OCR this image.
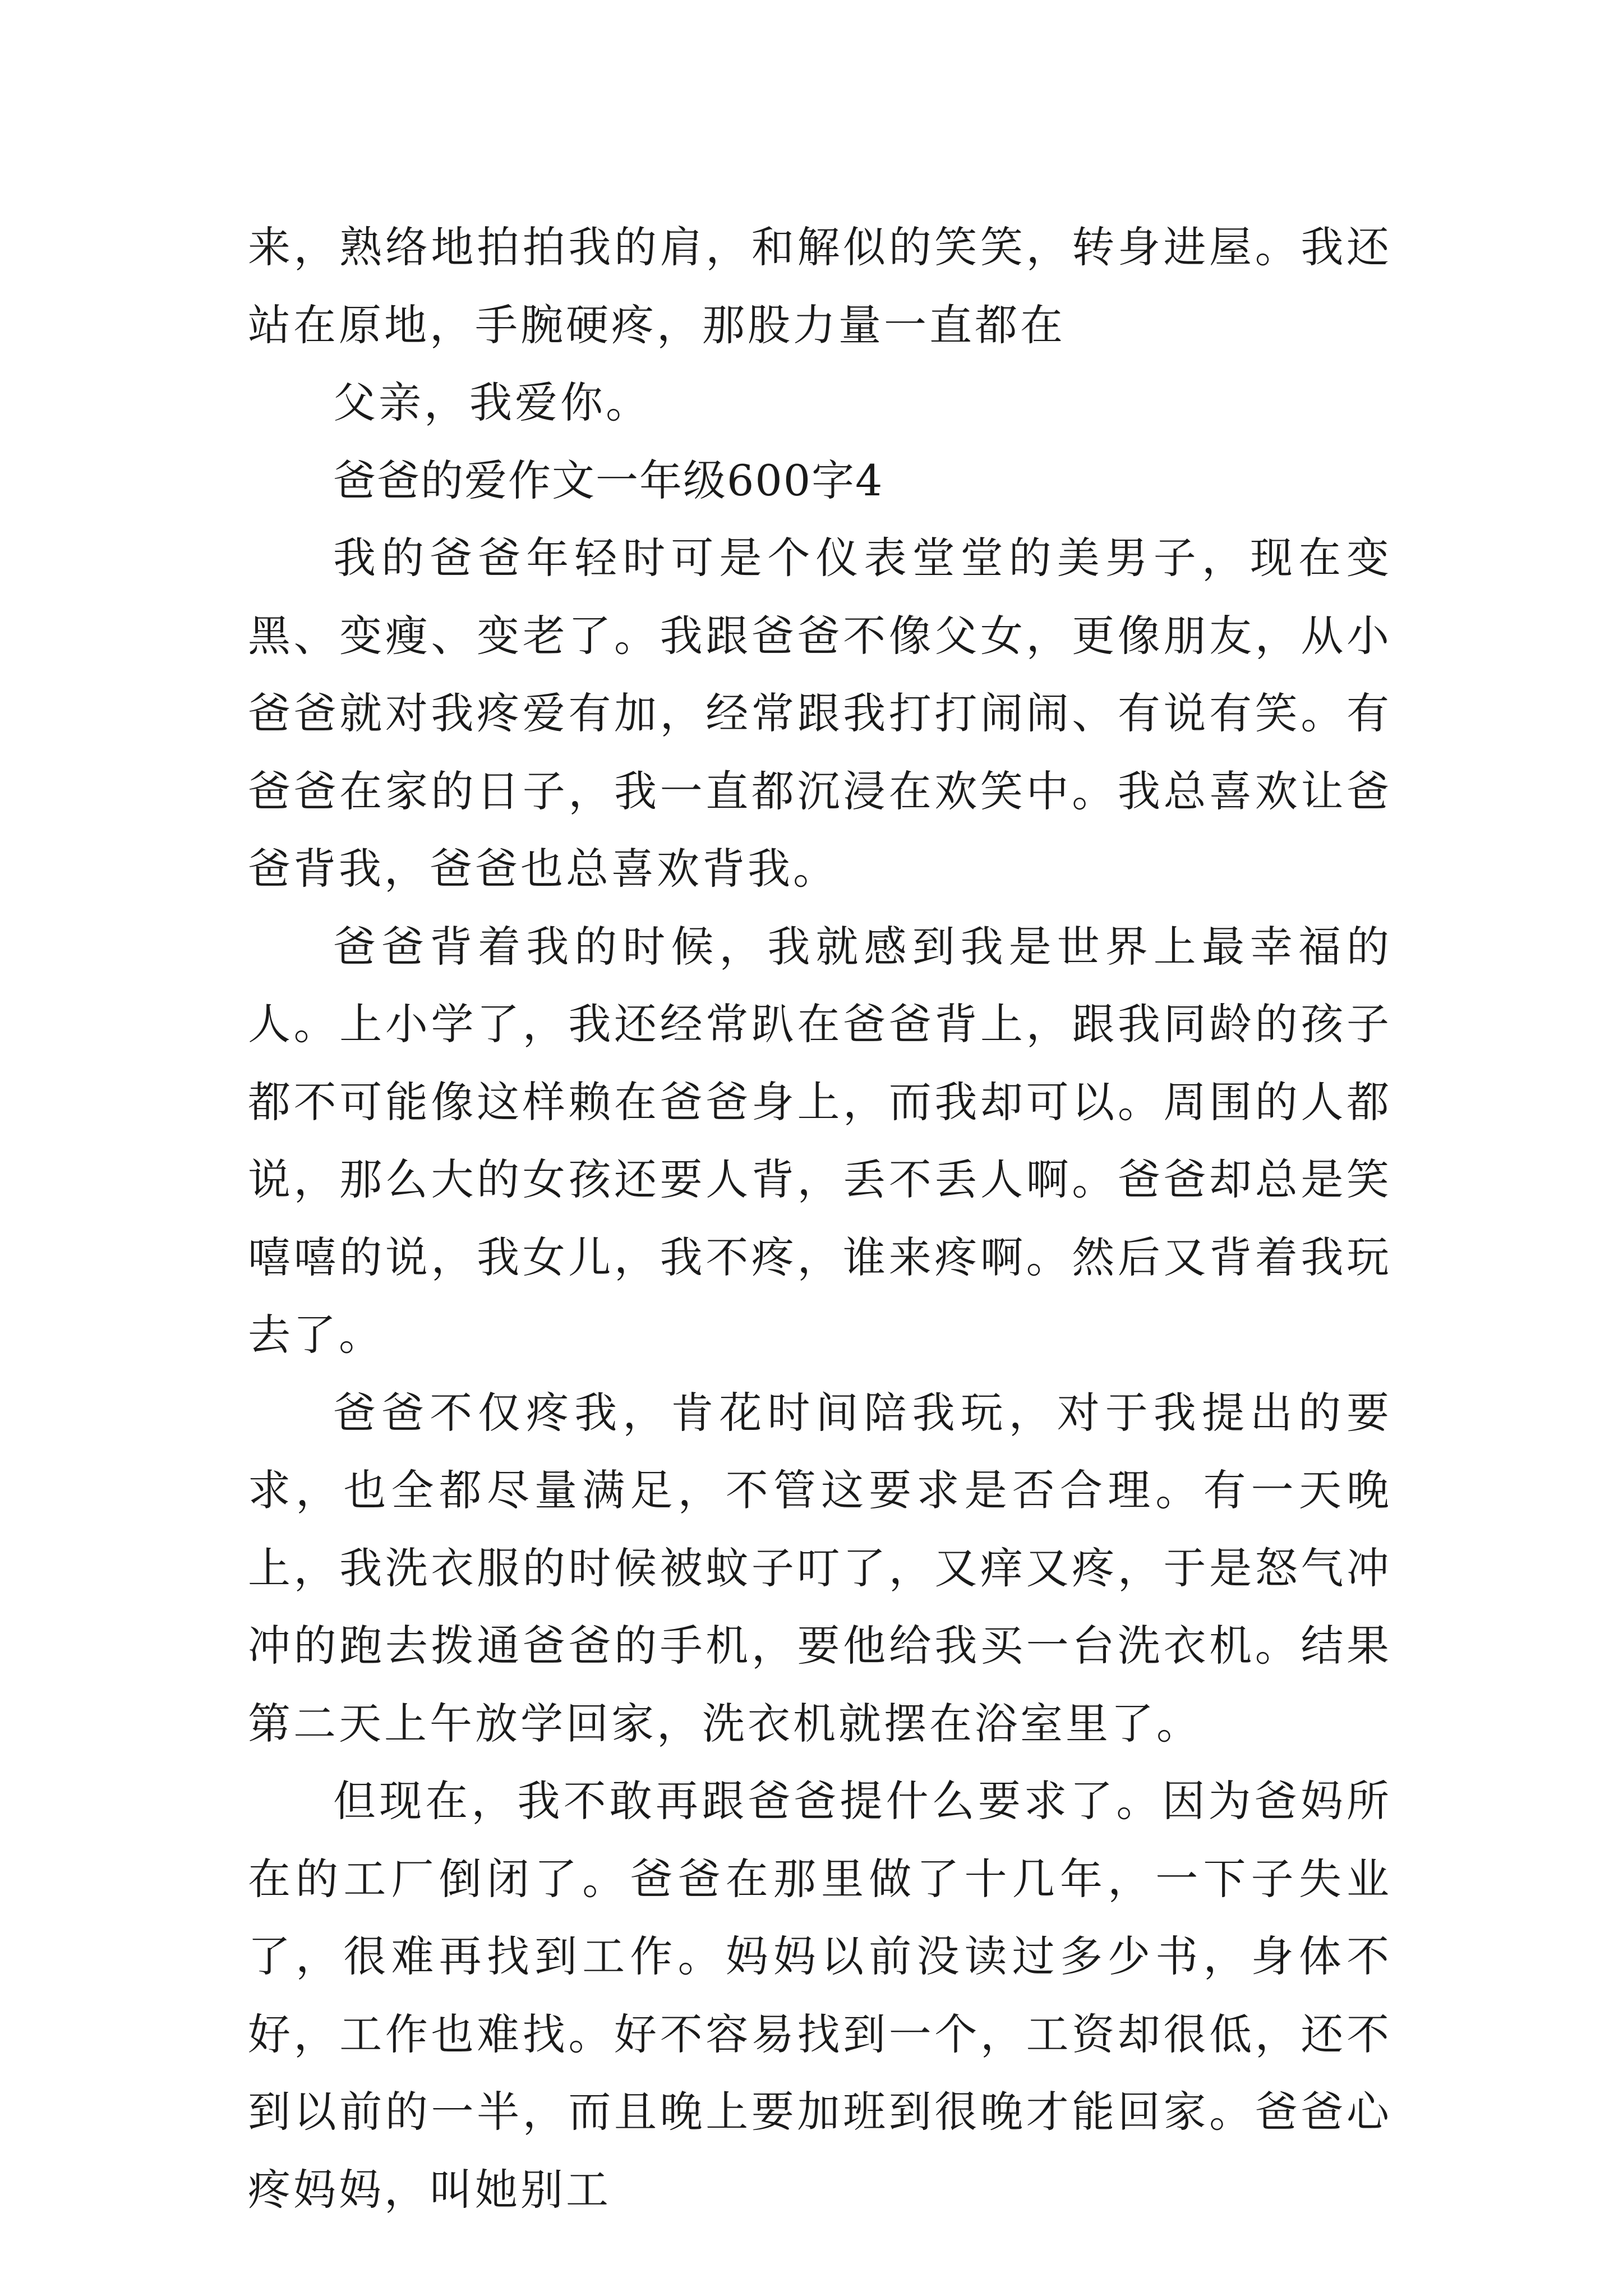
来，熟络地拍拍我的肩，和解似的笑笑，转身进屋。我还站在原地，手腕硬疼，那股力量一直都在

父亲，我爱你。

爸爸的爱作文一年级600字4

我的爸爸年轻时可是个仪表堂堂的美男子，现在变黑、变瘦、变老了。我跟爸爸不像父女，更像朋友，从小爸爸就对我疼爱有加，经常跟我打打闹闹、有说有笑。有爸爸在家的日子，我一直都沉浸在欢笑中。我总喜欢让爸爸背我，爸爸也总喜欢背我。

爸爸背着我的时候，我就感到我是世界上最幸福的人。上小学了，我还经常趴在爸爸背上，跟我同龄的孩子都不可能像这样赖在爸爸身上，而我却可以。周围的人都说，那么大的女孩还要人背，丢不丢人啊。爸爸却总是笑嘻嘻的说，我女儿，我不疼，谁来疼啊。然后又背着我玩去了。

爸爸不仅疼我，肯花时间陪我玩，对于我提出的要求，也全都尽量满足，不管这要求是否合理。有一天晚上，我洗衣服的时候被蚊子叮了，又痒又疼，于是怒气冲冲的跑去拨通爸爸的手机，要他给我买一台洗衣机。结果第二天上午放学回家，洗衣机就摆在浴室里了。

但现在，我不敢再跟爸爸提什么要求了。因为爸妈所在的工厂倒闭了。爸爸在那里做了十几年，一下子失业了，很难再找到工作。妈妈以前没读过多少书，身体不好，工作也难找。好不容易找到一个，工资却很低，还不到以前的一半，而且晚上要加班到很晚才能回家。爸爸心疼妈妈，叫她别工
